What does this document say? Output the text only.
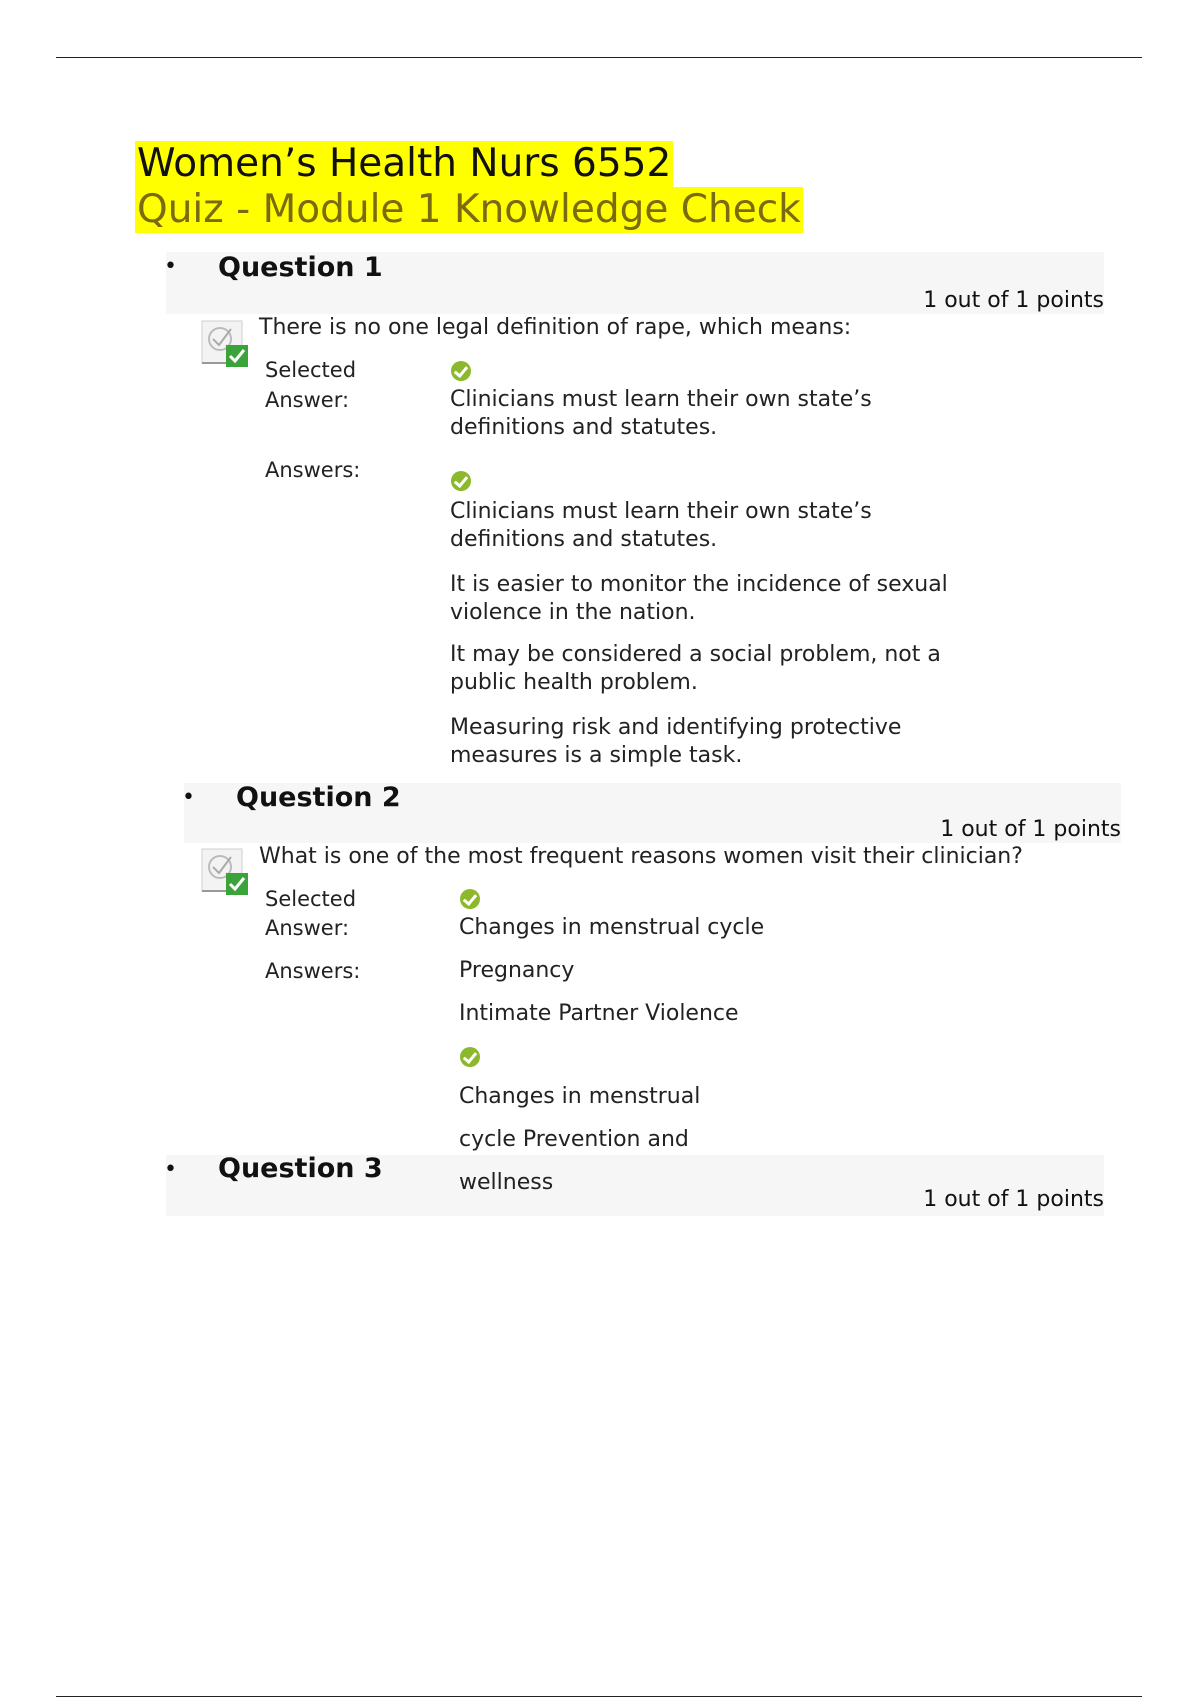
Women’s Health Nurs 6552
Quiz - Module 1 Knowledge Check
• Question 1
1 out of 1 points
There is no one legal definition of rape, which means:
Selected
Answer:	Clinicians must learn their own state’s
definitions and statutes.
Answers:
Clinicians must learn their own state’s
definitions and statutes.
It is easier to monitor the incidence of sexual
violence in the nation.
It may be considered a social problem, not a
public health problem.
Measuring risk and identifying protective
measures is a simple task.
• Question 2
1 out of 1 points
What is one of the most frequent reasons women visit their clinician?
Selected
Answer:	Changes in menstrual cycle
Answers:	Pregnancy
Intimate Partner Violence
Changes in menstrual
cycle Prevention and
wellness
• Question 3
1 out of 1 points
